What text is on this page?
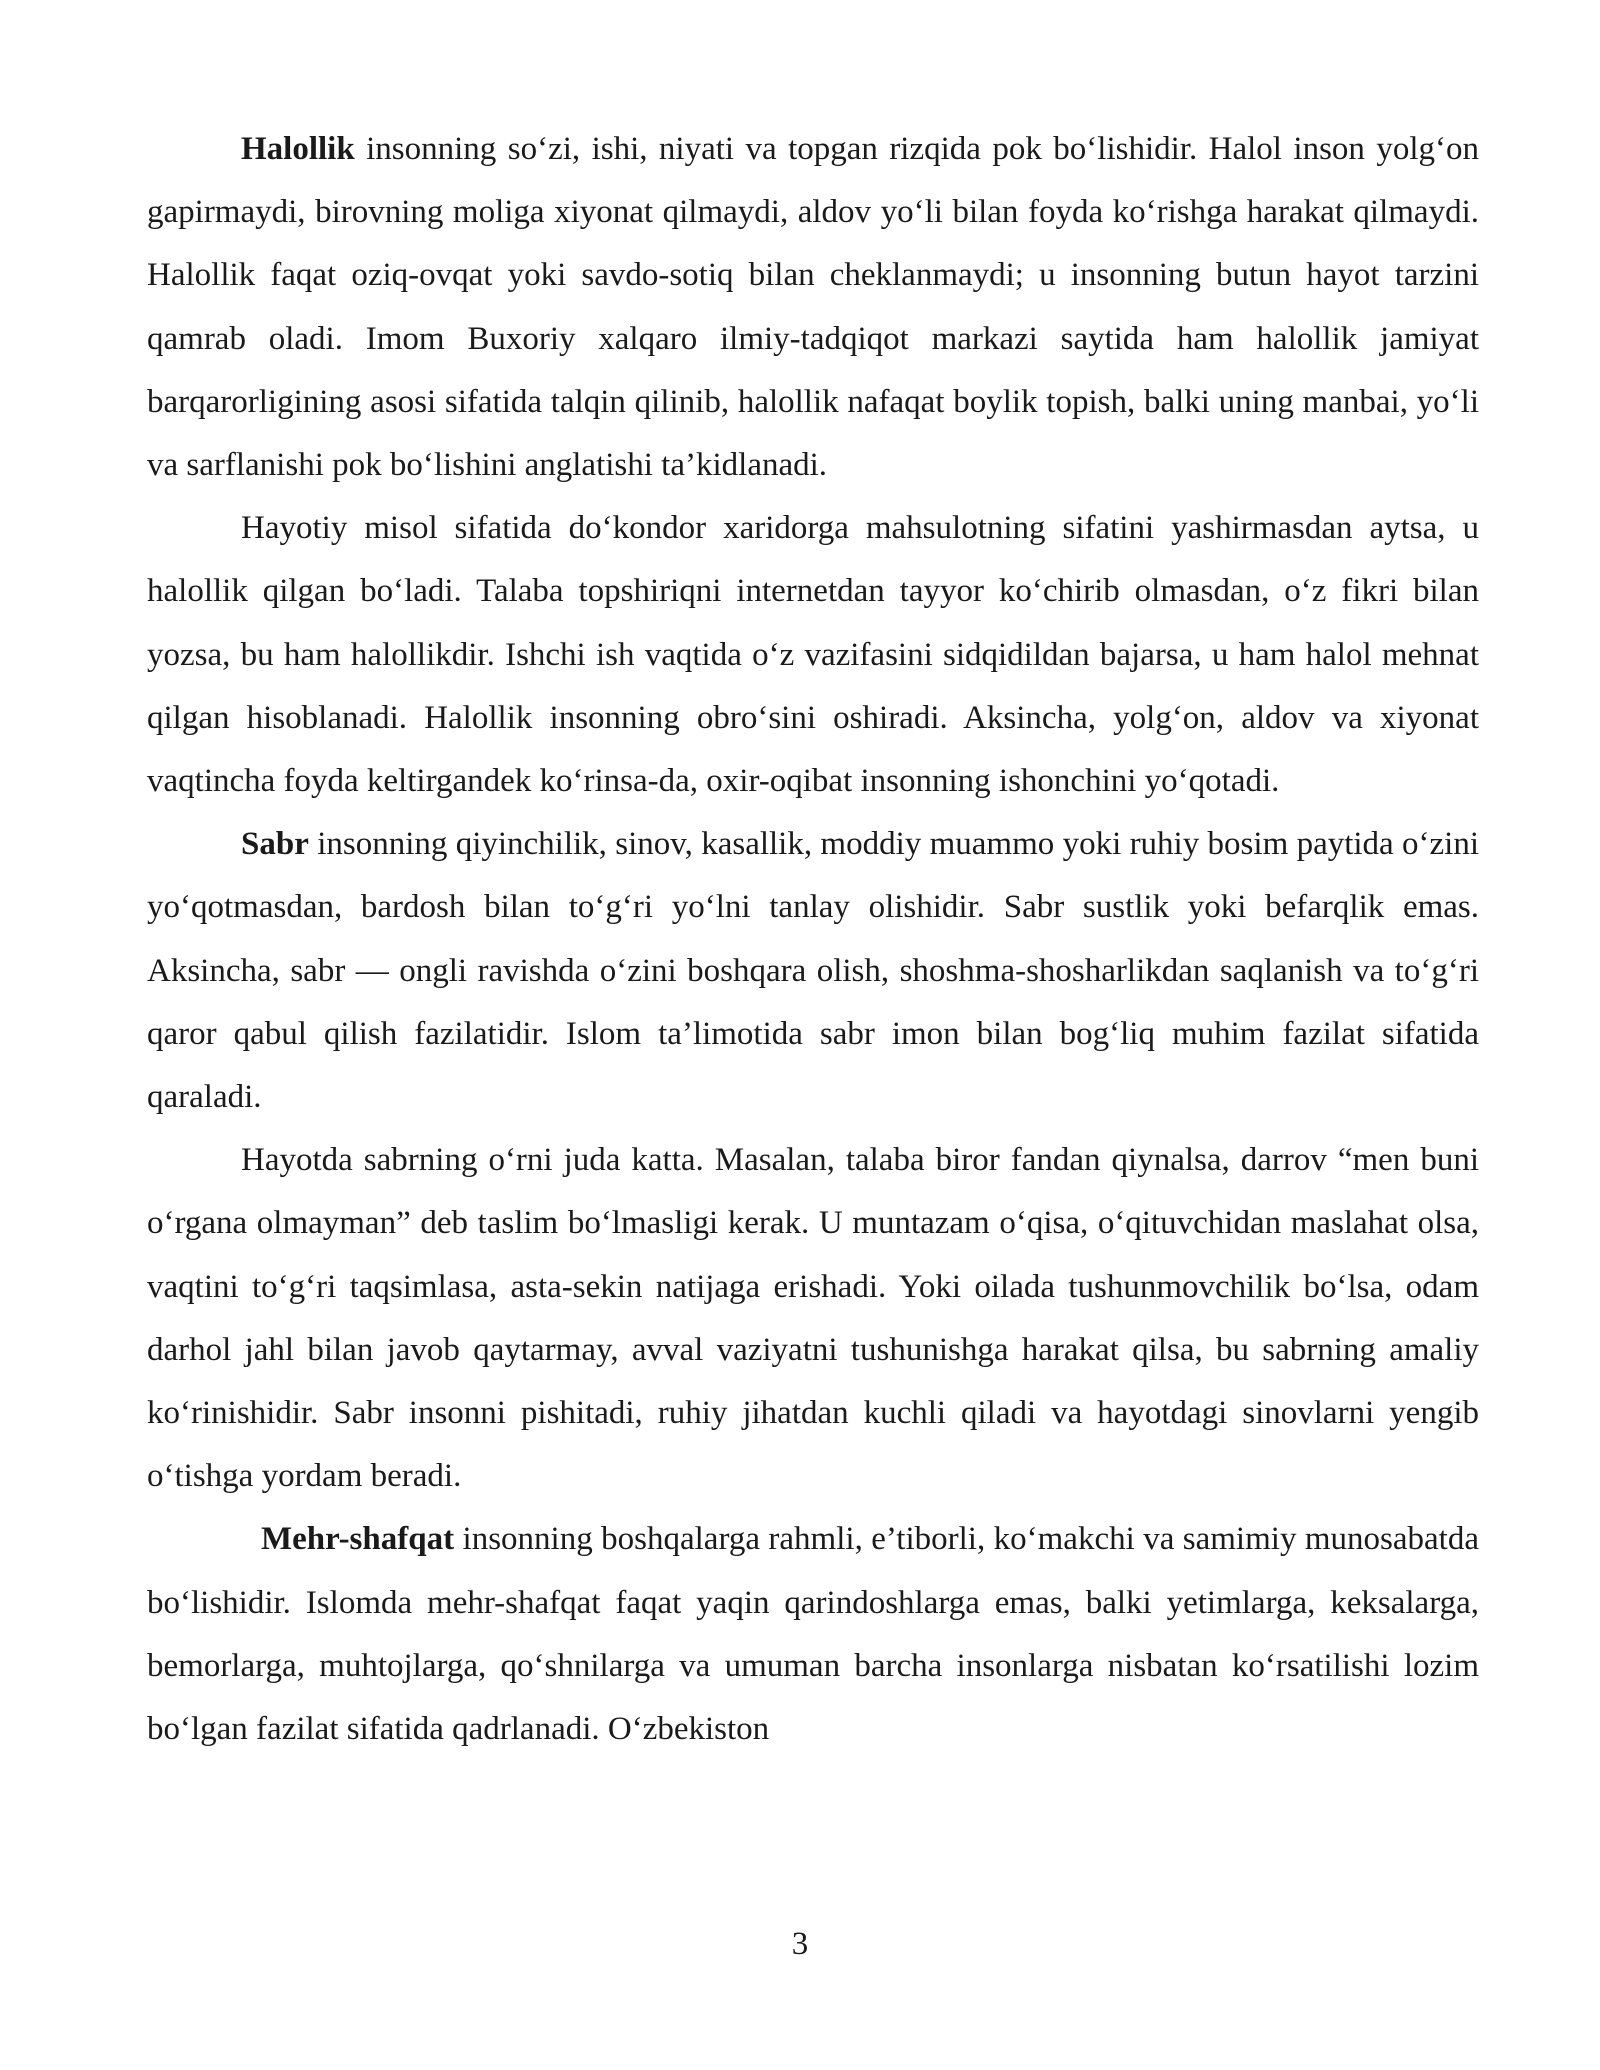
Halollik insonning so‘zi, ishi, niyati va topgan rizqida pok bo‘lishidir. Halol inson yolg‘on gapirmaydi, birovning moliga xiyonat qilmaydi, aldov yo‘li bilan foyda ko‘rishga harakat qilmaydi. Halollik faqat oziq-ovqat yoki savdo-sotiq bilan cheklanmaydi; u insonning butun hayot tarzini qamrab oladi. Imom Buxoriy xalqaro ilmiy-tadqiqot markazi saytida ham halollik jamiyat barqarorligining asosi sifatida talqin qilinib, halollik nafaqat boylik topish, balki uning manbai, yo‘li va sarflanishi pok bo‘lishini anglatishi ta’kidlanadi.

Hayotiy misol sifatida do‘kondor xaridorga mahsulotning sifatini yashirmasdan aytsa, u halollik qilgan bo‘ladi. Talaba topshiriqni internetdan tayyor ko‘chirib olmasdan, o‘z fikri bilan yozsa, bu ham halollikdir. Ishchi ish vaqtida o‘z vazifasini sidqidildan bajarsa, u ham halol mehnat qilgan hisoblanadi. Halollik insonning obro‘sini oshiradi. Aksincha, yolg‘on, aldov va xiyonat vaqtincha foyda keltirgandek ko‘rinsa-da, oxir-oqibat insonning ishonchini yo‘qotadi.

Sabr insonning qiyinchilik, sinov, kasallik, moddiy muammo yoki ruhiy bosim paytida o‘zini yo‘qotmasdan, bardosh bilan to‘g‘ri yo‘lni tanlay olishidir. Sabr sustlik yoki befarqlik emas. Aksincha, sabr — ongli ravishda o‘zini boshqara olish, shoshma-shosharlikdan saqlanish va to‘g‘ri qaror qabul qilish fazilatidir. Islom ta’limotida sabr imon bilan bog‘liq muhim fazilat sifatida qaraladi.

Hayotda sabrning o‘rni juda katta. Masalan, talaba biror fandan qiynalsa, darrov “men buni o‘rgana olmayman” deb taslim bo‘lmasligi kerak. U muntazam o‘qisa, o‘qituvchidan maslahat olsa, vaqtini to‘g‘ri taqsimlasa, asta-sekin natijaga erishadi. Yoki oilada tushunmovchilik bo‘lsa, odam darhol jahl bilan javob qaytarmay, avval vaziyatni tushunishga harakat qilsa, bu sabrning amaliy ko‘rinishidir. Sabr insonni pishitadi, ruhiy jihatdan kuchli qiladi va hayotdagi sinovlarni yengib o‘tishga yordam beradi.

Mehr-shafqat insonning boshqalarga rahmli, e’tiborli, ko‘makchi va samimiy munosabatda bo‘lishidir. Islomda mehr-shafqat faqat yaqin qarindoshlarga emas, balki yetimlarga, keksalarga, bemorlarga, muhtojlarga, qo‘shnilarga va umuman barcha insonlarga nisbatan ko‘rsatilishi lozim bo‘lgan fazilat sifatida qadrlanadi. O‘zbekiston

3
